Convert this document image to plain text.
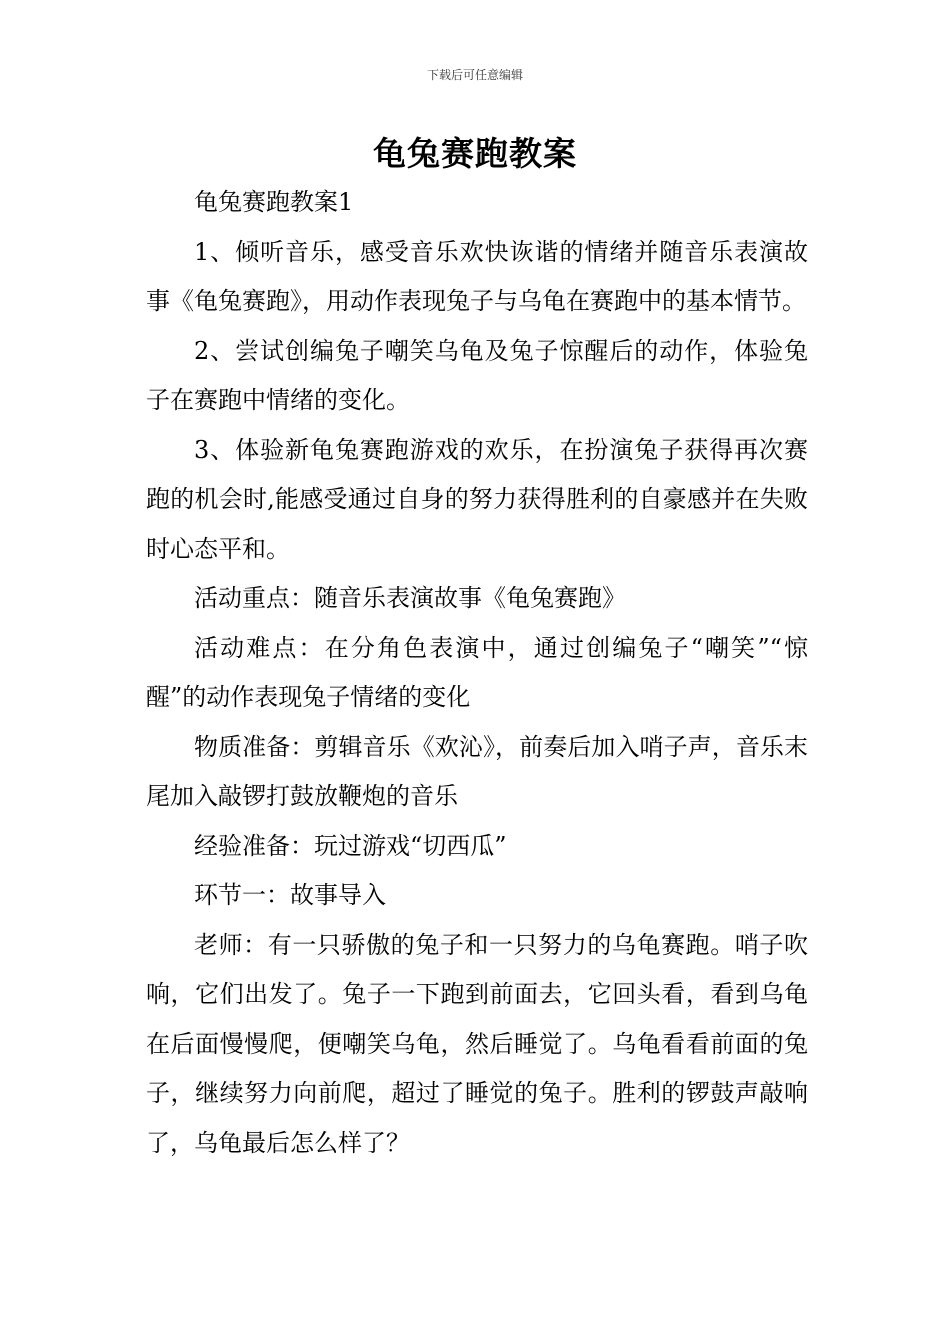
下载后可任意编辑
龟兔赛跑教案

龟兔赛跑教案1

1、倾听音乐，感受音乐欢快诙谐的情绪并随音乐表演故事《龟兔赛跑》，用动作表现兔子与乌龟在赛跑中的基本情节。

2、尝试创编兔子嘲笑乌龟及兔子惊醒后的动作，体验兔子在赛跑中情绪的变化。

3、体验新龟兔赛跑游戏的欢乐，在扮演兔子获得再次赛跑的机会时,能感受通过自身的努力获得胜利的自豪感并在失败时心态平和。

活动重点：随音乐表演故事《龟兔赛跑》

活动难点：在分角色表演中，通过创编兔子“嘲笑”“惊醒”的动作表现兔子情绪的变化

物质准备：剪辑音乐《欢沁》，前奏后加入哨子声，音乐末尾加入敲锣打鼓放鞭炮的音乐

经验准备：玩过游戏“切西瓜”

环节一：故事导入

老师：有一只骄傲的兔子和一只努力的乌龟赛跑。哨子吹响，它们出发了。兔子一下跑到前面去，它回头看，看到乌龟在后面慢慢爬，便嘲笑乌龟，然后睡觉了。乌龟看看前面的兔子，继续努力向前爬，超过了睡觉的兔子。胜利的锣鼓声敲响了，乌龟最后怎么样了？
